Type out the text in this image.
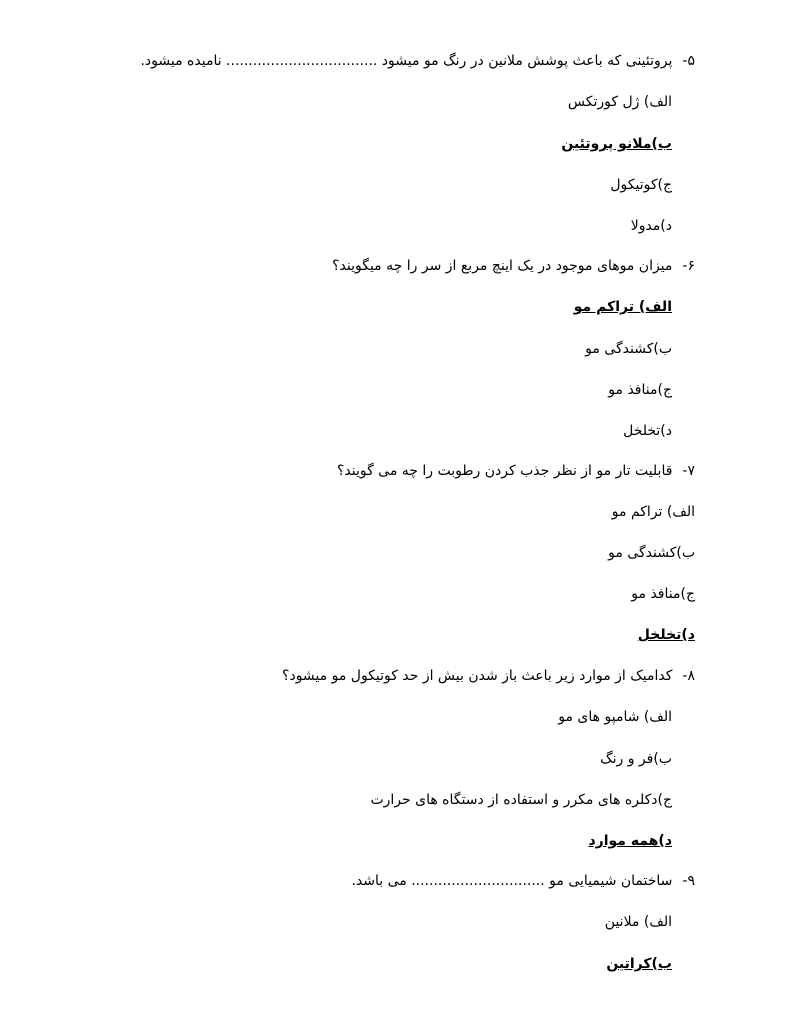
۵-پروتئینی که باعث پوشش ملانین در رنگ مو میشود .................................. نامیده میشود.
الف) ژل کورتکس
ب)ملانو پروتئین
ج)کوتیکول
د)مدولا
۶-میزان موهای موجود در یک اینچ مربع از سر را چه میگویند؟
الف) تراکم مو
ب)کشندگی مو
ج)منافذ مو
د)تخلخل
۷-قابلیت تار مو از نظر جذب کردن رطوبت را چه می گویند؟
الف) تراکم مو
ب)کشندگی مو
ج)منافذ مو
د)تخلخل
۸-کدامیک از موارد زیر باعث باز شدن بیش از حد کوتیکول مو میشود؟
الف) شامپو های مو
ب)فر و رنگ
ج)دکلره های مکرر و استفاده از دستگاه های حرارت
د)همه موارد
۹-ساختمان شیمیایی مو .............................. می باشد.
الف) ملانین
ب)کراتین
